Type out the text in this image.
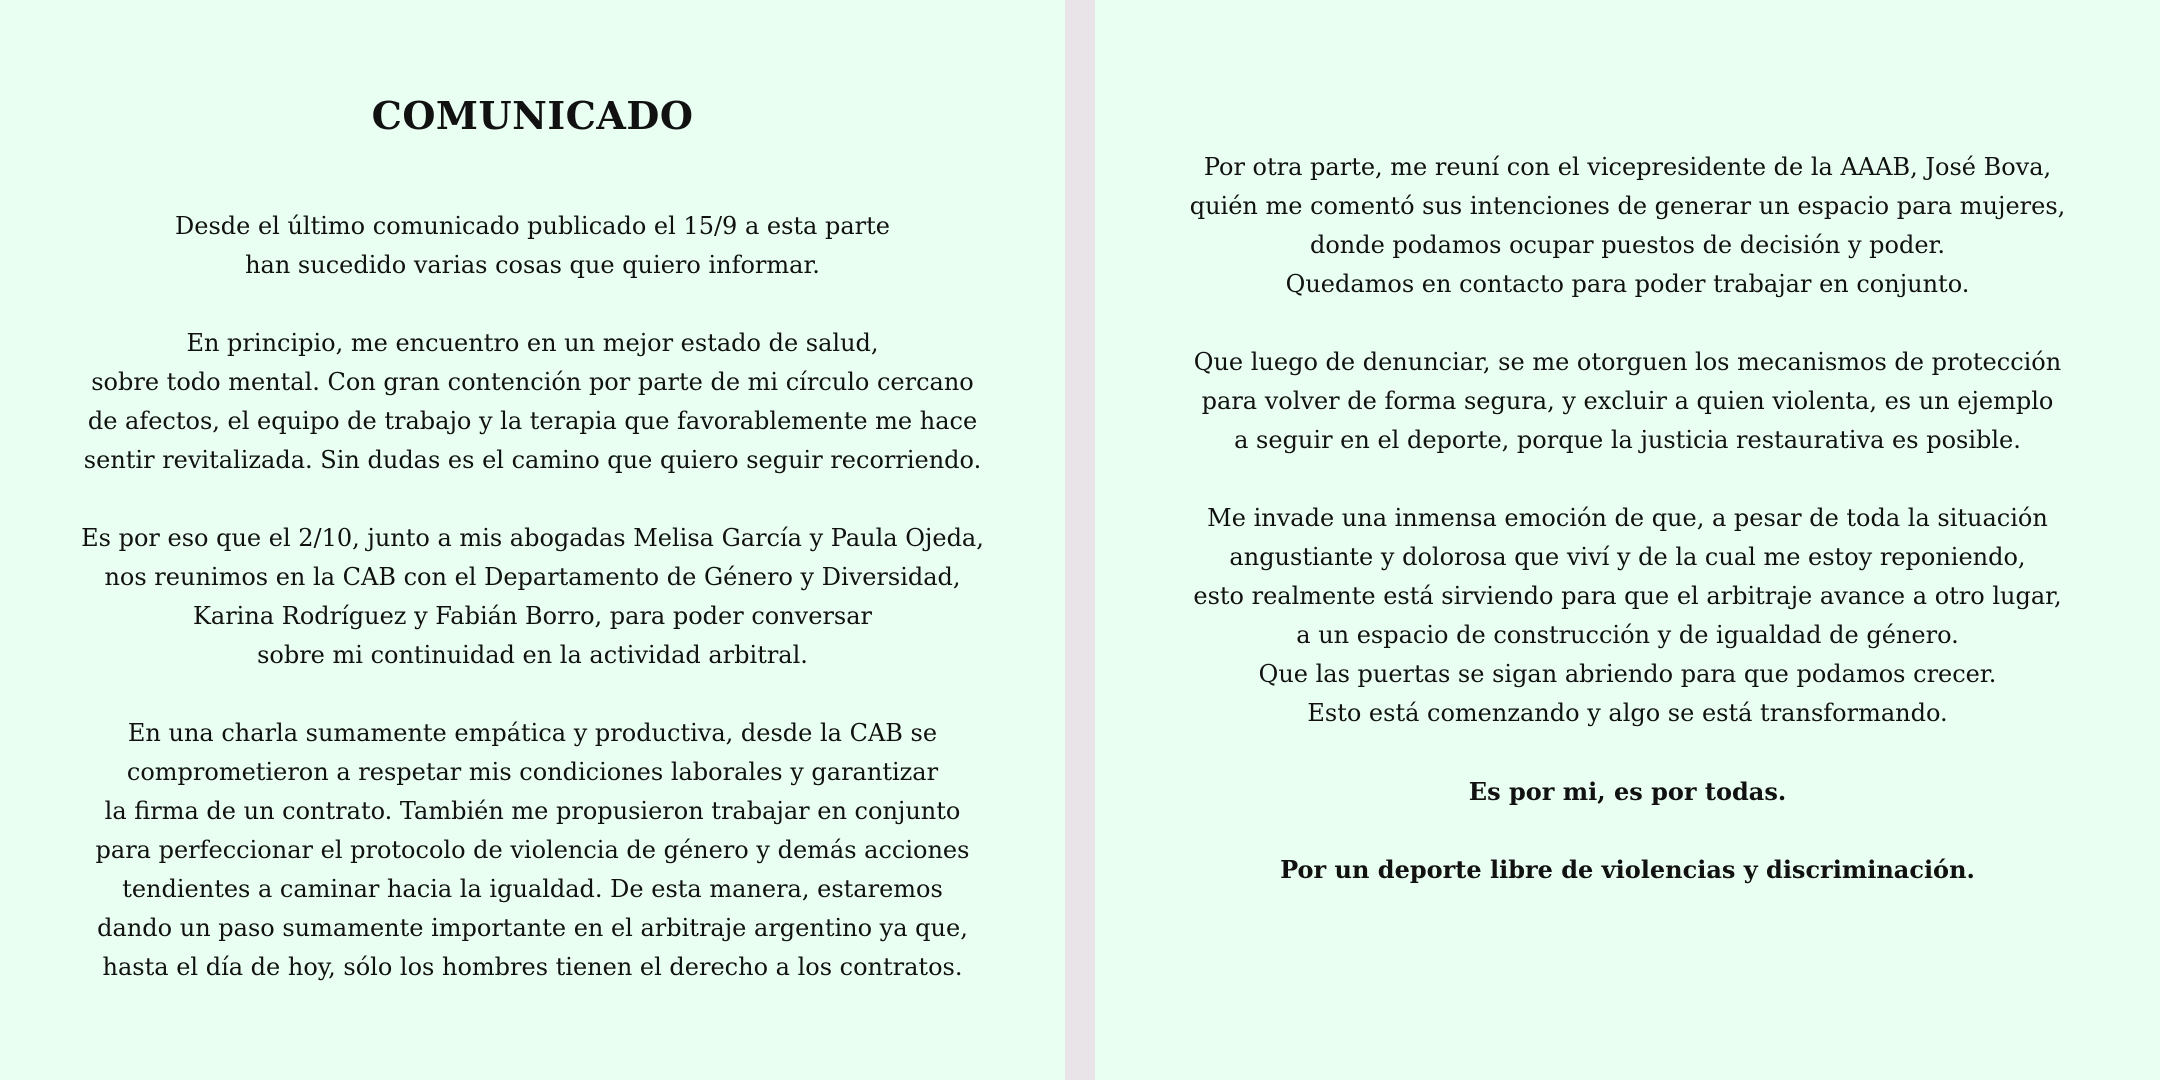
COMUNICADO
Desde el último comunicado publicado el 15/9 a esta parte
han sucedido varias cosas que quiero informar.
En principio, me encuentro en un mejor estado de salud,
sobre todo mental. Con gran contención por parte de mi círculo cercano
de afectos, el equipo de trabajo y la terapia que favorablemente me hace
sentir revitalizada. Sin dudas es el camino que quiero seguir recorriendo.
Es por eso que el 2/10, junto a mis abogadas Melisa García y Paula Ojeda,
nos reunimos en la CAB con el Departamento de Género y Diversidad,
Karina Rodríguez y Fabián Borro, para poder conversar
sobre mi continuidad en la actividad arbitral.
En una charla sumamente empática y productiva, desde la CAB se
comprometieron a respetar mis condiciones laborales y garantizar
la firma de un contrato. También me propusieron trabajar en conjunto
para perfeccionar el protocolo de violencia de género y demás acciones
tendientes a caminar hacia la igualdad. De esta manera, estaremos
dando un paso sumamente importante en el arbitraje argentino ya que,
hasta el día de hoy, sólo los hombres tienen el derecho a los contratos.
Por otra parte, me reuní con el vicepresidente de la AAAB, José Bova,
quién me comentó sus intenciones de generar un espacio para mujeres,
donde podamos ocupar puestos de decisión y poder.
Quedamos en contacto para poder trabajar en conjunto.
Que luego de denunciar, se me otorguen los mecanismos de protección
para volver de forma segura, y excluir a quien violenta, es un ejemplo
a seguir en el deporte, porque la justicia restaurativa es posible.
Me invade una inmensa emoción de que, a pesar de toda la situación
angustiante y dolorosa que viví y de la cual me estoy reponiendo,
esto realmente está sirviendo para que el arbitraje avance a otro lugar,
a un espacio de construcción y de igualdad de género.
Que las puertas se sigan abriendo para que podamos crecer.
Esto está comenzando y algo se está transformando.
Es por mi, es por todas.
Por un deporte libre de violencias y discriminación.
